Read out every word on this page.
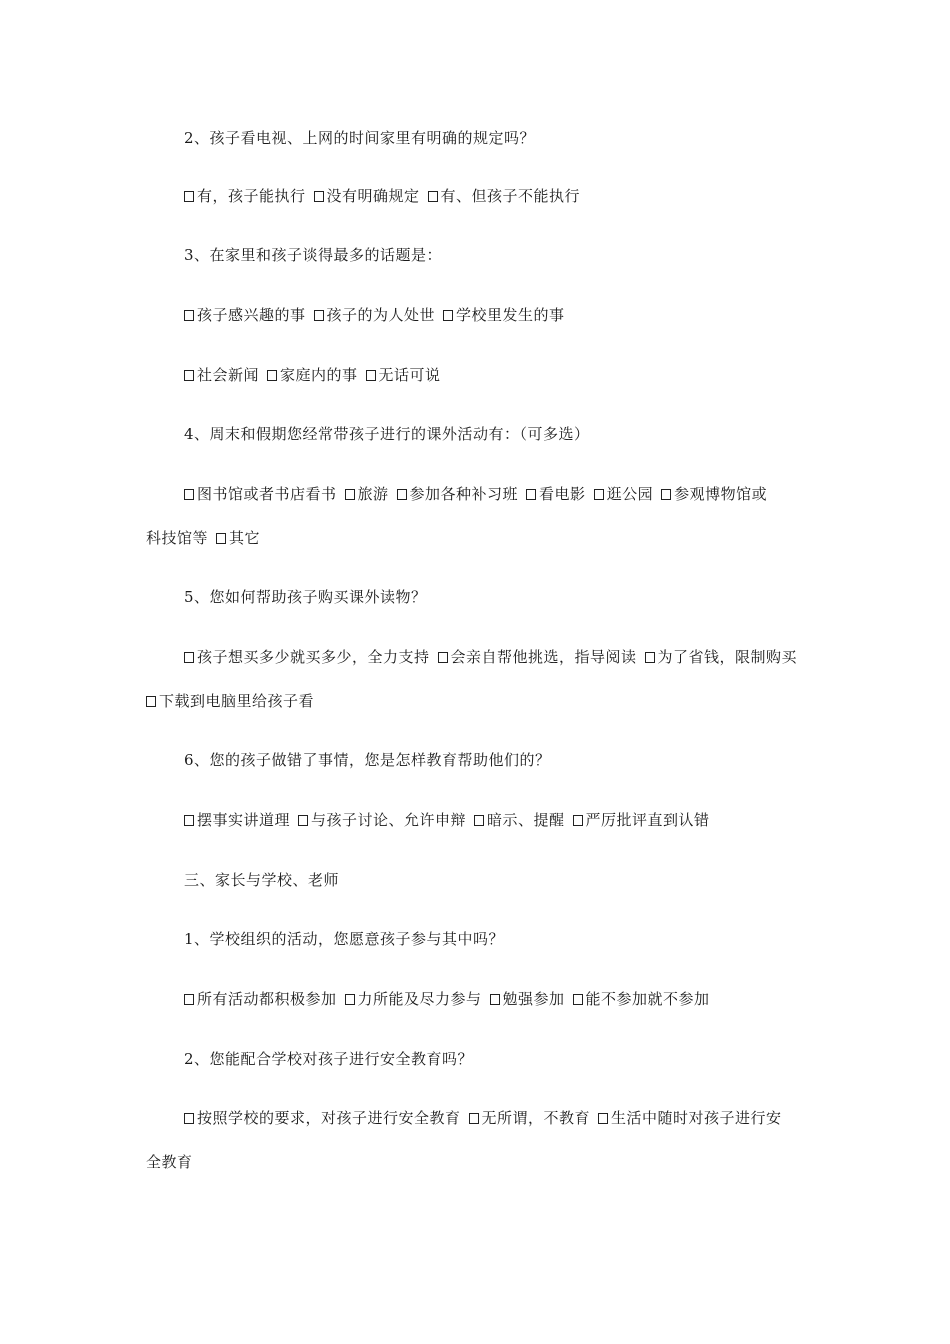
2、孩子看电视、上网的时间家里有明确的规定吗？
有，孩子能执行 没有明确规定 有、但孩子不能执行
3、在家里和孩子谈得最多的话题是：
孩子感兴趣的事 孩子的为人处世 学校里发生的事
社会新闻 家庭内的事 无话可说
4、周末和假期您经常带孩子进行的课外活动有：（可多选）
图书馆或者书店看书 旅游 参加各种补习班 看电影 逛公园 参观博物馆或
科技馆等 其它
5、您如何帮助孩子购买课外读物？
孩子想买多少就买多少，全力支持 会亲自帮他挑选，指导阅读 为了省钱，限制购买
下载到电脑里给孩子看
6、您的孩子做错了事情，您是怎样教育帮助他们的？
摆事实讲道理 与孩子讨论、允许申辩 暗示、提醒 严厉批评直到认错
三、家长与学校、老师
1、学校组织的活动，您愿意孩子参与其中吗？
所有活动都积极参加 力所能及尽力参与 勉强参加 能不参加就不参加
2、您能配合学校对孩子进行安全教育吗？
按照学校的要求，对孩子进行安全教育 无所谓，不教育 生活中随时对孩子进行安
全教育
